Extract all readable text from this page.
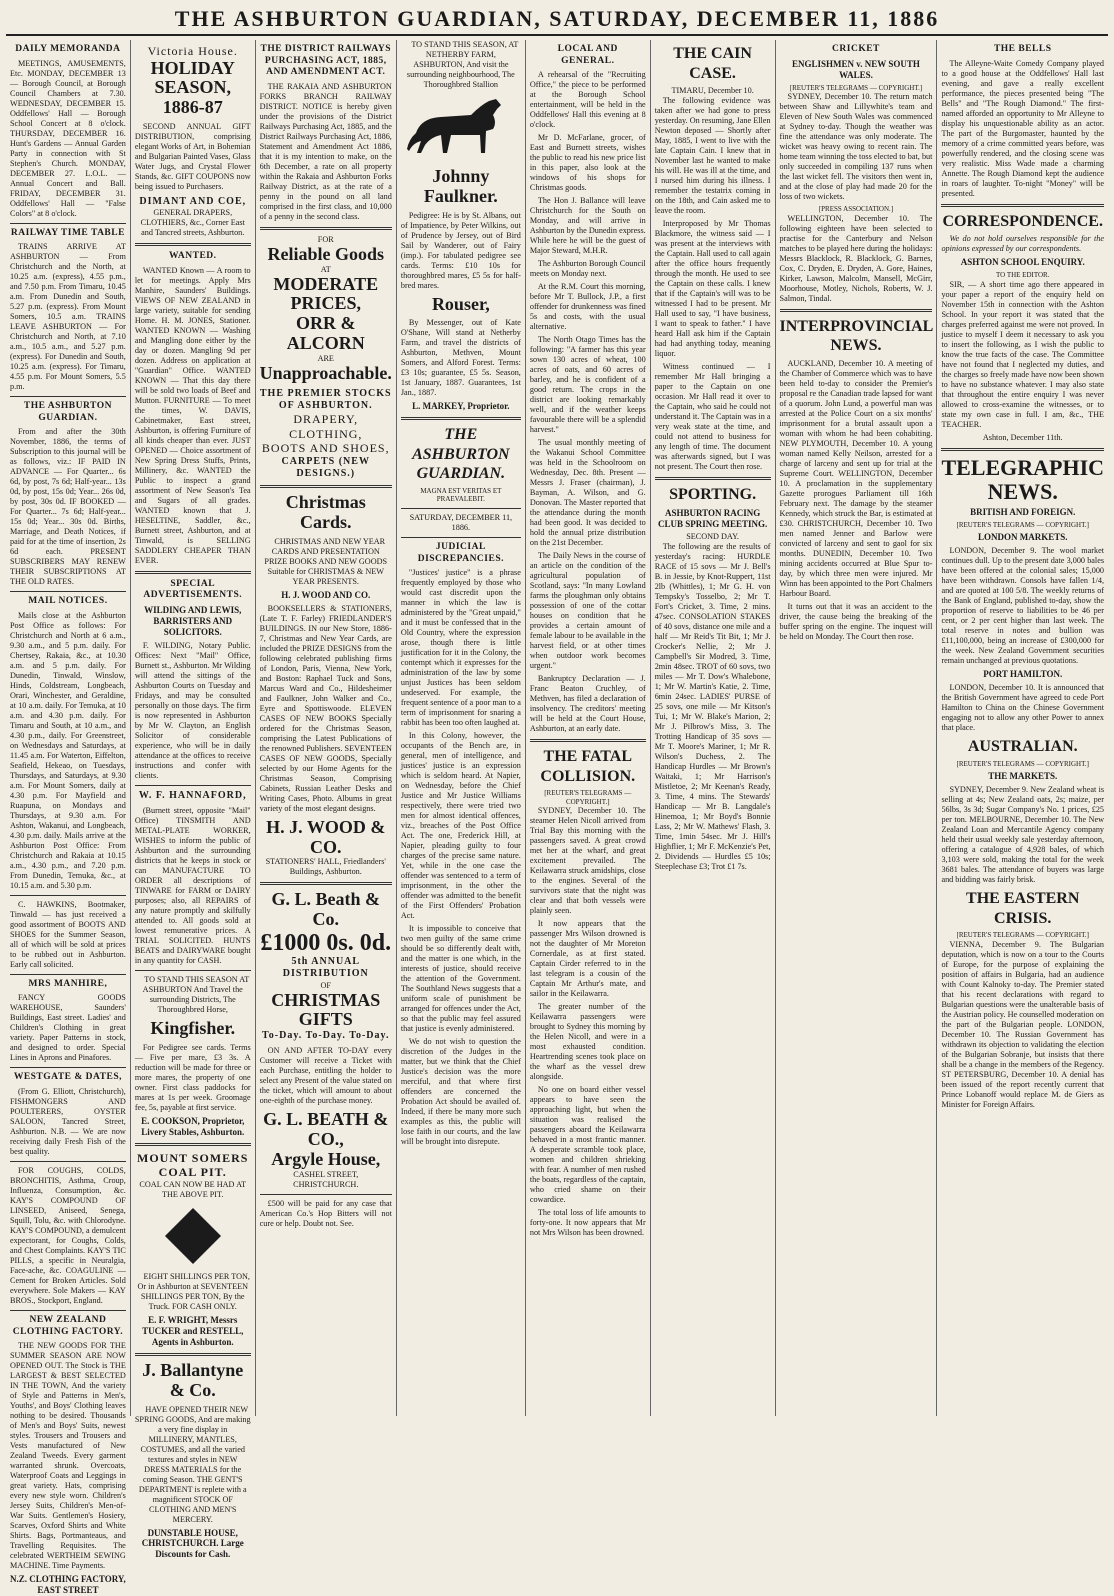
THE ASHBURTON GUARDIAN, SATURDAY, DECEMBER 11, 1886
DAILY MEMORANDA

MEETINGS, AMUSEMENTS, Etc. MONDAY, DECEMBER 13 — Borough Council, at Borough Council Chambers at 7.30. WEDNESDAY, DECEMBER 15. Oddfellows' Hall — Borough School Concert at 8 o'clock. THURSDAY, DECEMBER 16. Hunt's Gardens — Annual Garden Party in connection with St Stephen's Church. MONDAY, DECEMBER 27. L.O.L. — Annual Concert and Ball. FRIDAY, DECEMBER 31. Oddfellows' Hall — "False Colors" at 8 o'clock.

RAILWAY TIME TABLE

TRAINS ARRIVE AT ASHBURTON — From Christchurch and the North, at 10.25 a.m. (express), 4.55 p.m., and 7.50 p.m. From Timaru, 10.45 a.m. From Dunedin and South, 5.27 p.m. (express). From Mount Somers, 10.5 a.m. TRAINS LEAVE ASHBURTON — For Christchurch and North, at 7.10 a.m., 10.5 a.m., and 5.27 p.m. (express). For Dunedin and South, 10.25 a.m. (express). For Timaru, 4.55 p.m. For Mount Somers, 5.5 p.m.

THE ASHBURTON GUARDIAN.

From and after the 30th November, 1886, the terms of Subscription to this journal will be as follows, viz.: IF PAID IN ADVANCE — For Quarter... 6s 6d, by post, 7s 6d; Half-year... 13s 0d, by post, 15s 0d; Year... 26s 0d, by post, 30s 0d. IF BOOKED — For Quarter... 7s 6d; Half-year... 15s 0d; Year... 30s 0d. Births, Marriage, and Death Notices, if paid for at the time of insertion, 2s 6d each. PRESENT SUBSCRIBERS MAY RENEW THEIR SUBSCRIPTIONS AT THE OLD RATES.

MAIL NOTICES.

Mails close at the Ashburton Post Office as follows: For Christchurch and North at 6 a.m., 9.30 a.m., and 5 p.m. daily. For Chertsey, Rakaia, &c., at 10.30 a.m. and 5 p.m. daily. For Dunedin, Tinwald, Winslow, Hinds, Coldstream, Longbeach, Orari, Winchester, and Geraldine, at 10 a.m. daily. For Temuka, at 10 a.m. and 4.30 p.m. daily. For Timaru and South, at 10 a.m., and 4.30 p.m., daily. For Greenstreet, on Wednesdays and Saturdays, at 11.45 a.m. For Waterton, Eiffelton, Seafield, Hekeao, on Tuesdays, Thursdays, and Saturdays, at 9.30 a.m. For Mount Somers, daily at 4.30 p.m. For Mayfield and Ruapuna, on Mondays and Thursdays, at 9.30 a.m. For Ashton, Wakanui, and Longbeach, 4.30 p.m. daily. Mails arrive at the Ashburton Post Office: From Christchurch and Rakaia at 10.15 a.m., 4.30 p.m., and 7.20 p.m. From Dunedin, Temuka, &c., at 10.15 a.m. and 5.30 p.m.

C. HAWKINS, Bootmaker, Tinwald — has just received a good assortment of BOOTS AND SHOES for the Summer Season, all of which will be sold at prices to be rubbed out in Ashburton. Early call solicited.

MRS MANHIRE,

FANCY GOODS WAREHOUSE, Saunders' Buildings, East street. Ladies' and Children's Clothing in great variety. Paper Patterns in stock, and designed to order. Special Lines in Aprons and Pinafores.

WESTGATE & DATES,

(From G. Elliott, Christchurch), FISHMONGERS AND POULTERERS, OYSTER SALOON, Tancred Street, Ashburton. N.B. — We are now receiving daily Fresh Fish of the best quality.

FOR COUGHS, COLDS, BRONCHITIS, Asthma, Croup, Influenza, Consumption, &c. KAY'S COMPOUND OF LINSEED, Aniseed, Senega, Squill, Tolu, &c. with Chlorodyne. KAY'S COMPOUND, a demulcent expectorant, for Coughs, Colds, and Chest Complaints. KAY'S TIC PILLS, a specific in Neuralgia, Face-ache, &c. COAGULINE — Cement for Broken Articles. Sold everywhere. Sole Makers — KAY BROS., Stockport, England.

NEW ZEALAND CLOTHING FACTORY.

THE NEW GOODS FOR THE SUMMER SEASON ARE NOW OPENED OUT. The Stock is THE LARGEST & BEST SELECTED IN THE TOWN, And the variety of Style and Patterns in Men's, Youths', and Boys' Clothing leaves nothing to be desired. Thousands of Men's and Boys' Suits, newest styles. Trousers and Trousers and Vests manufactured of New Zealand Tweeds. Every garment warranted shrunk. Overcoats, Waterproof Coats and Leggings in great variety. Hats, comprising every new style worn. Children's Jersey Suits, Children's Men-of-War Suits. Gentlemen's Hosiery, Scarves, Oxford Shirts and White Shirts. Bags, Portmanteaus, and Travelling Requisites. The celebrated WERTHEIM SEWING MACHINE. Time Payments.

N.Z. CLOTHING FACTORY, EAST STREET
Victoria House.
HOLIDAY SEASON, 1886-87

SECOND ANNUAL GIFT DISTRIBUTION, comprising elegant Works of Art, in Bohemian and Bulgarian Painted Vases, Glass Water Jugs, and Crystal Flower Stands, &c. GIFT COUPONS now being issued to Purchasers.

DIMANT AND COE,
GENERAL DRAPERS, CLOTHIERS, &c., Corner East and Tancred streets, Ashburton.
WANTED.

WANTED Known — A room to let for meetings. Apply Mrs Manhire, Saunders' Buildings. VIEWS OF NEW ZEALAND in large variety, suitable for sending Home. H. M. JONES, Stationer. WANTED KNOWN — Washing and Mangling done either by the day or dozen. Mangling 9d per dozen. Address on application at "Guardian" Office. WANTED KNOWN — That this day there will be sold two loads of Beef and Mutton. FURNITURE — To meet the times, W. DAVIS, Cabinetmaker, East street, Ashburton, is offering Furniture of all kinds cheaper than ever. JUST OPENED — Choice assortment of New Spring Dress Stuffs, Prints, Millinery, &c. WANTED the Public to inspect a grand assortment of New Season's Tea and Sugars of all grades. WANTED known that J. HESELTINE, Saddler, &c., Burnett street, Ashburton, and at Tinwald, is SELLING SADDLERY CHEAPER THAN EVER.

SPECIAL ADVERTISEMENTS.
WILDING AND LEWIS, BARRISTERS AND SOLICITORS.

F. WILDING, Notary Public. Offices: Next "Mail" Office, Burnett st., Ashburton. Mr Wilding will attend the sittings of the Ashburton Courts on Tuesday and Fridays, and may be consulted personally on those days. The firm is now represented in Ashburton by Mr W. Clayton, an English Solicitor of considerable experience, who will be in daily attendance at the offices to receive instructions and confer with clients.

W. F. HANNAFORD,

(Burnett street, opposite "Mail" Office) TINSMITH AND METAL-PLATE WORKER, WISHES to inform the public of Ashburton and the surrounding districts that he keeps in stock or can MANUFACTURE TO ORDER all descriptions of TINWARE for FARM or DAIRY purposes; also, all REPAIRS of any nature promptly and skilfully attended to. All goods sold at lowest remunerative prices. A TRIAL SOLICITED. HUNTS BEATS and DAIRYWARE bought in any quantity for CASH.

TO STAND THIS SEASON AT ASHBURTON And Travel the surrounding Districts, The Thoroughbred Horse,

Kingfisher.

For Pedigree see cards. Terms — Five per mare, £3 3s. A reduction will be made for three or more mares, the property of one owner. First class paddocks for mares at 1s per week. Groomage fee, 5s, payable at first service.

E. COOKSON, Proprietor, Livery Stables, Ashburton.
MOUNT SOMERS COAL PIT.
COAL CAN NOW BE HAD AT THE ABOVE PIT.

EIGHT SHILLINGS PER TON, Or in Ashburton at SEVENTEEN SHILLINGS PER TON, By the Truck. FOR CASH ONLY.

E. F. WRIGHT, Messrs TUCKER and RESTELL, Agents in Ashburton.
J. Ballantyne & Co.

HAVE OPENED THEIR NEW SPRING GOODS, And are making a very fine display in MILLINERY, MANTLES, COSTUMES, and all the varied textures and styles in NEW DRESS MATERIALS for the coming Season. THE GENT'S DEPARTMENT is replete with a magnificent STOCK OF CLOTHING AND MEN'S MERCERY.

DUNSTABLE HOUSE, CHRISTCHURCH. Large Discounts for Cash.
THE DISTRICT RAILWAYS PURCHASING ACT, 1885, AND AMENDMENT ACT.

THE RAKAIA AND ASHBURTON FORKS BRANCH RAILWAY DISTRICT. NOTICE is hereby given under the provisions of the District Railways Purchasing Act, 1885, and the District Railways Purchasing Act, 1886, Statement and Amendment Act 1886, that it is my intention to make, on the 6th December, a rate on all property within the Rakaia and Ashburton Forks Railway District, as at the rate of a penny in the pound on all land comprised in the first class, and 10,000 of a penny in the second class.

FOR
Reliable Goods
AT
MODERATE PRICES,
ORR & ALCORN
ARE
Unapproachable.
THE PREMIER STOCKS OF ASHBURTON.
DRAPERY,
CLOTHING,
BOOTS AND SHOES,
CARPETS (NEW DESIGNS.)
Christmas Cards.

CHRISTMAS AND NEW YEAR CARDS AND PRESENTATION PRIZE BOOKS AND NEW GOODS Suitable for CHRISTMAS & NEW YEAR PRESENTS.

H. J. WOOD AND CO.

BOOKSELLERS & STATIONERS, (Late T. F. Farley) FRIEDLANDER'S BUILDINGS. IN our New Store, 1886-7, Christmas and New Year Cards, are included the PRIZE DESIGNS from the following celebrated publishing firms of London, Paris, Vienna, New York, and Boston: Raphael Tuck and Sons, Marcus Ward and Co., Hildesheimer and Faulkner, John Walker and Co., Eyre and Spottiswoode. ELEVEN CASES OF NEW BOOKS Specially ordered for the Christmas Season, comprising the Latest Publications of the renowned Publishers. SEVENTEEN CASES OF NEW GOODS, Specially selected by our Home Agents for the Christmas Season, Comprising Cabinets, Russian Leather Desks and Writing Cases, Photo. Albums in great variety of the most elegant designs.

H. J. WOOD & CO.
STATIONERS' HALL, Friedlanders' Buildings, Ashburton.
G. L. Beath & Co.
£1000 0s. 0d.
5th ANNUAL DISTRIBUTION
OF
CHRISTMAS GIFTS
To-Day. To-Day. To-Day.

ON AND AFTER TO-DAY every Customer will receive a Ticket with each Purchase, entitling the holder to select any Present of the value stated on the ticket, which will amount to about one-eighth of the purchase money.

G. L. BEATH & CO.,
Argyle House,
CASHEL STREET, CHRISTCHURCH.

£500 will be paid for any case that American Co.'s Hop Bitters will not cure or help. Doubt not. See.

TO STAND THIS SEASON, AT NETHERBY FARM, ASHBURTON, And visit the surrounding neighbourhood, The Thoroughbred Stallion

Johnny Faulkner.

Pedigree: He is by St. Albans, out of Impatience, by Peter Wilkins, out of Prudence by Jersey, out of Bird Sail by Wanderer, out of Fairy (imp.). For tabulated pedigree see cards. Terms: £10 10s for thoroughbred mares, £5 5s for half-bred mares.

Rouser,

By Messenger, out of Kate O'Shane, Will stand at Netherby Farm, and travel the districts of Ashburton, Methven, Mount Somers, and Alford Forest. Terms: £3 10s; guarantee, £5 5s. Season, 1st January, 1887. Guarantees, 1st Jan., 1887.

L. MARKEY, Proprietor.
THE ASHBURTON GUARDIAN.
MAGNA EST VERITAS ET PRAEVALEBIT.
SATURDAY, DECEMBER 11, 1886.
JUDICIAL DISCREPANCIES.

"Justices' justice" is a phrase frequently employed by those who would cast discredit upon the manner in which the law is administered by the "Great unpaid," and it must be confessed that in the Old Country, where the expression arose, though there is little justification for it in the Colony, the contempt which it expresses for the administration of the law by some unjust Justices has been seldom undeserved. For example, the frequent sentence of a poor man to a term of imprisonment for snaring a rabbit has been too often laughed at.

In this Colony, however, the occupants of the Bench are, in general, men of intelligence, and justices' justice is an expression which is seldom heard. At Napier, on Wednesday, before the Chief Justice and Mr Justice Williams respectively, there were tried two men for almost identical offences, viz., breaches of the Post Office Act. The one, Frederick Hill, at Napier, pleading guilty to four charges of the precise same nature. Yet, while in the one case the offender was sentenced to a term of imprisonment, in the other the offender was admitted to the benefit of the First Offenders' Probation Act.

It is impossible to conceive that two men guilty of the same crime should be so differently dealt with, and the matter is one which, in the interests of justice, should receive the attention of the Government. The Southland News suggests that a uniform scale of punishment be arranged for offences under the Act, so that the public may feel assured that justice is evenly administered.

We do not wish to question the discretion of the Judges in the matter, but we think that the Chief Justice's decision was the more merciful, and that where first offenders are concerned the Probation Act should be availed of. Indeed, if there be many more such examples as this, the public will lose faith in our courts, and the law will be brought into disrepute.

LOCAL AND GENERAL.

A rehearsal of the "Recruiting Office," the piece to be performed at the Borough School entertainment, will be held in the Oddfellows' Hall this evening at 8 o'clock.

Mr D. McFarlane, grocer, of East and Burnett streets, wishes the public to read his new price list in this paper, also look at the windows of his shops for Christmas goods.

The Hon J. Ballance will leave Christchurch for the South on Monday, and will arrive in Ashburton by the Dunedin express. While here he will be the guest of Major Steward, M.H.R.

The Ashburton Borough Council meets on Monday next.

At the R.M. Court this morning, before Mr T. Bullock, J.P., a first offender for drunkenness was fined 5s and costs, with the usual alternative.

The North Otago Times has the following: "A farmer has this year sown 130 acres of wheat, 100 acres of oats, and 60 acres of barley, and he is confident of a good return. The crops in the district are looking remarkably well, and if the weather keeps favourable there will be a splendid harvest."

The usual monthly meeting of the Wakanui School Committee was held in the Schoolroom on Wednesday, Dec. 8th. Present — Messrs J. Fraser (chairman), J. Bayman, A. Wilson, and G. Donovan. The Master reported that the attendance during the month had been good. It was decided to hold the annual prize distribution on the 21st December.

The Daily News in the course of an article on the condition of the agricultural population of Scotland, says: "In many Lowland farms the ploughman only obtains possession of one of the cottar houses on condition that he provides a certain amount of female labour to be available in the harvest field, or at other times when outdoor work becomes urgent."

Bankruptcy Declaration — J. Franc Beaton Cruchley, of Methven, has filed a declaration of insolvency. The creditors' meeting will be held at the Court House, Ashburton, at an early date.

THE FATAL COLLISION.
[REUTER'S TELEGRAMS — COPYRIGHT.]

SYDNEY, December 10. The steamer Helen Nicoll arrived from Trial Bay this morning with the passengers saved. A great crowd met her at the wharf, and great excitement prevailed. The Keilawarra struck amidships, close to the engines. Several of the survivors state that the night was clear and that both vessels were plainly seen.

It now appears that the passenger Mrs Wilson drowned is not the daughter of Mr Moreton Cornerdale, as at first stated. Captain Cirder referred to in the last telegram is a cousin of the Captain Mr Arthur's mate, and sailor in the Keilawarra.

The greater number of the Keilawarra passengers were brought to Sydney this morning by the Helen Nicoll, and were in a most exhausted condition. Heartrending scenes took place on the wharf as the vessel drew alongside.

No one on board either vessel appears to have seen the approaching light, but when the situation was realised the passengers aboard the Keilawarra behaved in a most frantic manner. A desperate scramble took place, women and children shrieking with fear. A number of men rushed the boats, regardless of the captain, who cried shame on their cowardice.

The total loss of life amounts to forty-one. It now appears that Mr not Mrs Wilson has been drowned.

THE CAIN CASE.
TIMARU, December 10.

The following evidence was taken after we had gone to press yesterday. On resuming, Jane Ellen Newton deposed — Shortly after May, 1885, I went to live with the late Captain Cain. I knew that in November last he wanted to make his will. He was ill at the time, and I nursed him during his illness. I remember the testatrix coming in on the 18th, and Cain asked me to leave the room.

Interproposed by Mr Thomas Blackmore, the witness said — I was present at the interviews with the Captain. Hall used to call again after the office hours frequently through the month. He used to see the Captain on these calls. I knew that if the Captain's will was to be witnessed I had to be present. Mr Hall used to say, "I have business, I want to speak to father." I have heard Hall ask him if the Captain had had anything today, meaning liquor.

Witness continued — I remember Mr Hall bringing a paper to the Captain on one occasion. Mr Hall read it over to the Captain, who said he could not understand it. The Captain was in a very weak state at the time, and could not attend to business for any length of time. The document was afterwards signed, but I was not present. The Court then rose.

SPORTING.
ASHBURTON RACING CLUB SPRING MEETING.
SECOND DAY.

The following are the results of yesterday's racing: HURDLE RACE of 15 sovs — Mr J. Bell's B. in Jessie, by Knot-Ruppert, 11st 2lb (Whittles), 1; Mr G. H. von Tempsky's Tosselbo, 2; Mr T. Fort's Cricket, 3. Time, 2 mins. 47sec. CONSOLATION STAKES of 40 sovs, distance one mile and a half — Mr Reid's Tit Bit, 1; Mr J. Crocker's Nellie, 2; Mr J. Campbell's Sir Modred, 3. Time, 2min 48sec. TROT of 60 sovs, two miles — Mr T. Dow's Whalebone, 1; Mr W. Martin's Katie, 2. Time, 6min 24sec. LADIES' PURSE of 25 sovs, one mile — Mr Kitson's Tui, 1; Mr W. Blake's Marion, 2; Mr J. Pilbrow's Miss, 3. The Trotting Handicap of 35 sovs — Mr T. Moore's Mariner, 1; Mr R. Wilson's Duchess, 2. The Handicap Hurdles — Mr Brown's Waitaki, 1; Mr Harrison's Mistletoe, 2; Mr Keenan's Ready, 3. Time, 4 mins. The Stewards' Handicap — Mr B. Langdale's Hinemoa, 1; Mr Boyd's Bonnie Lass, 2; Mr W. Mathews' Flash, 3. Time, 1min 54sec. Mr J. Hill's Highflier, 1; Mr F. McKenzie's Pet, 2. Dividends — Hurdles £5 10s; Steeplechase £3; Trot £1 7s.

CRICKET
ENGLISHMEN v. NEW SOUTH WALES.
[REUTER'S TELEGRAMS — COPYRIGHT.]

SYDNEY, December 10. The return match between Shaw and Lillywhite's team and Eleven of New South Wales was commenced at Sydney to-day. Though the weather was fine the attendance was only moderate. The wicket was heavy owing to recent rain. The home team winning the toss elected to bat, but only succeeded in compiling 137 runs when the last wicket fell. The visitors then went in, and at the close of play had made 20 for the loss of two wickets.

[PRESS ASSOCIATION.]

WELLINGTON, December 10. The following eighteen have been selected to practise for the Canterbury and Nelson matches to be played here during the holidays: Messrs Blacklock, R. Blacklock, G. Barnes, Cox, C. Dryden, E. Dryden, A. Gore, Haines, Kirker, Lawson, Malcolm, Mansell, McGirr, Moorhouse, Motley, Nichols, Roberts, W. J. Salmon, Tindal.

INTERPROVINCIAL NEWS.

AUCKLAND, December 10. A meeting of the Chamber of Commerce which was to have been held to-day to consider the Premier's proposal re the Canadian trade lapsed for want of a quorum. John Lund, a powerful man was arrested at the Police Court on a six months' imprisonment for a brutal assault upon a woman with whom he had been cohabiting. NEW PLYMOUTH, December 10. A young woman named Kelly Neilson, arrested for a charge of larceny and sent up for trial at the Supreme Court. WELLINGTON, December 10. A proclamation in the supplementary Gazette prorogues Parliament till 16th February next. The damage by the steamer Kennedy, which struck the Bar, is estimated at £30. CHRISTCHURCH, December 10. Two men named Jenner and Barlow were convicted of larceny and sent to gaol for six months. DUNEDIN, December 10. Two mining accidents occurred at Blue Spur to-day, by which three men were injured. Mr Winn has been appointed to the Port Chalmers Harbour Board.

It turns out that it was an accident to the driver, the cause being the breaking of the buffer spring on the engine. The inquest will be held on Monday. The Court then rose.

THE BELLS

The Alleyne-Waite Comedy Company played to a good house at the Oddfellows' Hall last evening, and gave a really excellent performance, the pieces presented being "The Bells" and "The Rough Diamond." The first-named afforded an opportunity to Mr Alleyne to display his unquestionable ability as an actor. The part of the Burgomaster, haunted by the memory of a crime committed years before, was powerfully rendered, and the closing scene was very realistic. Miss Wade made a charming Annette. The Rough Diamond kept the audience in roars of laughter. To-night "Money" will be presented.

CORRESPONDENCE.

We do not hold ourselves responsible for the opinions expressed by our correspondents.

ASHTON SCHOOL ENQUIRY.
TO THE EDITOR.

SIR, — A short time ago there appeared in your paper a report of the enquiry held on November 15th in connection with the Ashton School. In your report it was stated that the charges preferred against me were not proved. In justice to myself I deem it necessary to ask you to insert the following, as I wish the public to know the true facts of the case. The Committee have not found that I neglected my duties, and the charges so freely made have now been shown to have no substance whatever. I may also state that throughout the entire enquiry I was never allowed to cross-examine the witnesses, or to state my own case in full. I am, &c., THE TEACHER.

Ashton, December 11th.
TELEGRAPHIC NEWS.
BRITISH AND FOREIGN.
[REUTER'S TELEGRAMS — COPYRIGHT.]
LONDON MARKETS.

LONDON, December 9. The wool market continues dull. Up to the present date 3,000 bales have been offered at the colonial sales; 15,000 have been withdrawn. Consols have fallen 1/4, and are quoted at 100 5/8. The weekly returns of the Bank of England, published to-day, show the proportion of reserve to liabilities to be 46 per cent, or 2 per cent higher than last week. The total reserve in notes and bullion was £11,100,000, being an increase of £300,000 for the week. New Zealand Government securities remain unchanged at previous quotations.

PORT HAMILTON.

LONDON, December 10. It is announced that the British Government have agreed to cede Port Hamilton to China on the Chinese Government engaging not to allow any other Power to annex that place.

AUSTRALIAN.
[REUTER'S TELEGRAMS — COPYRIGHT.]
THE MARKETS.

SYDNEY, December 9. New Zealand wheat is selling at 4s; New Zealand oats, 2s; maize, per 56lbs, 3s 3d; Sugar Company's No. 1 prices, £25 per ton. MELBOURNE, December 10. The New Zealand Loan and Mercantile Agency company held their usual weekly sale yesterday afternoon, offering a catalogue of 4,928 bales, of which 3,103 were sold, making the total for the week 3681 bales. The attendance of buyers was large and bidding was fairly brisk.

THE EASTERN CRISIS.
[REUTER'S TELEGRAMS — COPYRIGHT.]

VIENNA, December 9. The Bulgarian deputation, which is now on a tour to the Courts of Europe, for the purpose of explaining the position of affairs in Bulgaria, had an audience with Count Kalnoky to-day. The Premier stated that his recent declarations with regard to Bulgarian questions were the unalterable basis of the Austrian policy. He counselled moderation on the part of the Bulgarian people. LONDON, December 10. The Russian Government has withdrawn its objection to validating the election of the Bulgarian Sobranje, but insists that there shall be a change in the members of the Regency. ST PETERSBURG, December 10. A denial has been issued of the report recently current that Prince Lobanoff would replace M. de Giers as Minister for Foreign Affairs.
